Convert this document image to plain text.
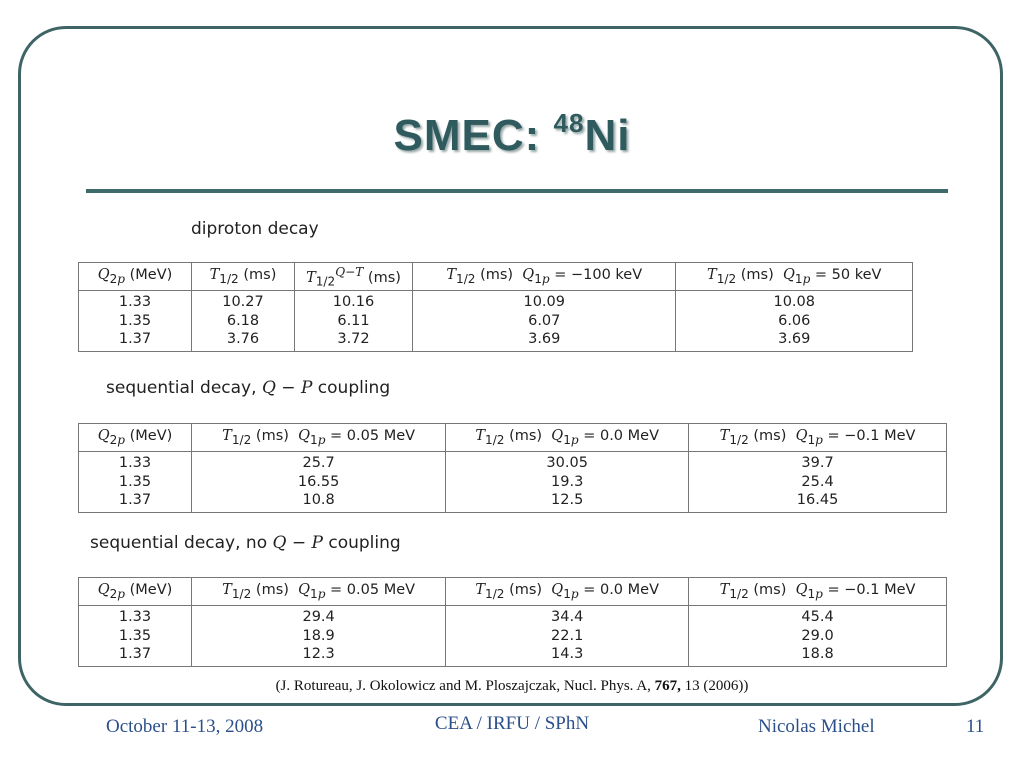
SMEC: $^{48}$Ni
diproton decay
$Q_{2p}$ (MeV)	$T_{1/2}$ (ms)	$T_{1/2}^{Q-T}$ (ms)	$T_{1/2}$ (ms)  $Q_{1p} = -100$ keV	$T_{1/2}$ (ms)  $Q_{1p} = 50$ keV
1.33	10.27	10.16	10.09	10.08
1.35	6.18	6.11	6.07	6.06
1.37	3.76	3.72	3.69	3.69
sequential decay, Q − P coupling
$Q_{2p}$ (MeV)	$T_{1/2}$ (ms)  $Q_{1p} = 0.05$ MeV	$T_{1/2}$ (ms)  $Q_{1p} = 0.0$ MeV	$T_{1/2}$ (ms)  $Q_{1p} = -0.1$ MeV
1.33	25.7	30.05	39.7
1.35	16.55	19.3	25.4
1.37	10.8	12.5	16.45
sequential decay, no Q − P coupling
$Q_{2p}$ (MeV)	$T_{1/2}$ (ms)  $Q_{1p} = 0.05$ MeV	$T_{1/2}$ (ms)  $Q_{1p} = 0.0$ MeV	$T_{1/2}$ (ms)  $Q_{1p} = -0.1$ MeV
1.33	29.4	34.4	45.4
1.35	18.9	22.1	29.0
1.37	12.3	14.3	18.8
(J. Rotureau, J. Okolowicz and M. Ploszajczak, Nucl. Phys. A, 767, 13 (2006))
October 11-13, 2008	CEA / IRFU / SPhN	Nicolas Michel	11
